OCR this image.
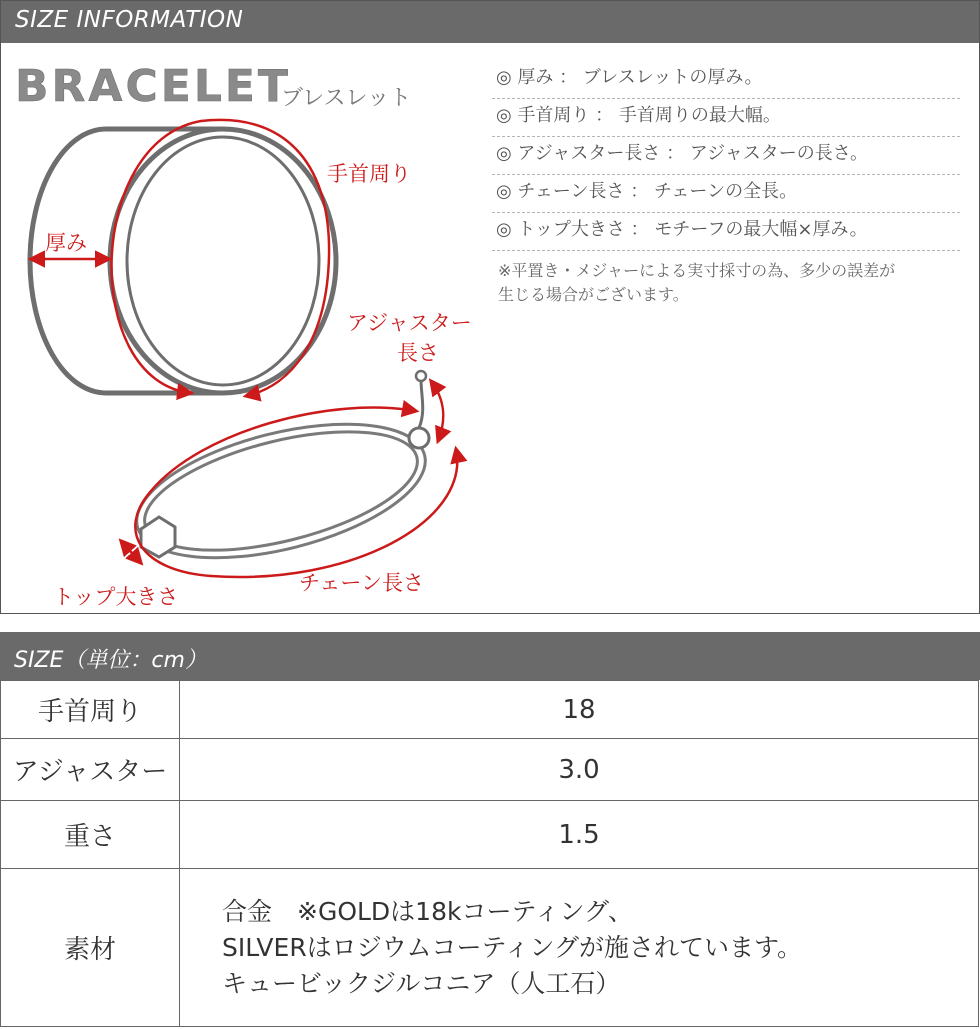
SIZE INFORMATION
BRACELET
ブレスレット
手首周り
厚み
アジャスター
長さ
トップ大きさ
チェーン長さ
◎ 厚み ： ブレスレットの厚み。
◎ 手首周り ： 手首周りの最大幅。
◎ アジャスター長さ ： アジャスターの長さ。
◎ チェーン長さ ： チェーンの全長。
◎ トップ大きさ ： モチーフの最大幅×厚み。
※平置き・メジャーによる実寸採寸の為、多少の誤差が
生じる場合がございます。
SIZE（単位：cm）
手首周り	18
アジャスター	3.0
重さ	1.5
素材	合金　※GOLDは18kコーティング、
SILVERはロジウムコーティングが施されています。
キュービックジルコニア（人工石）
